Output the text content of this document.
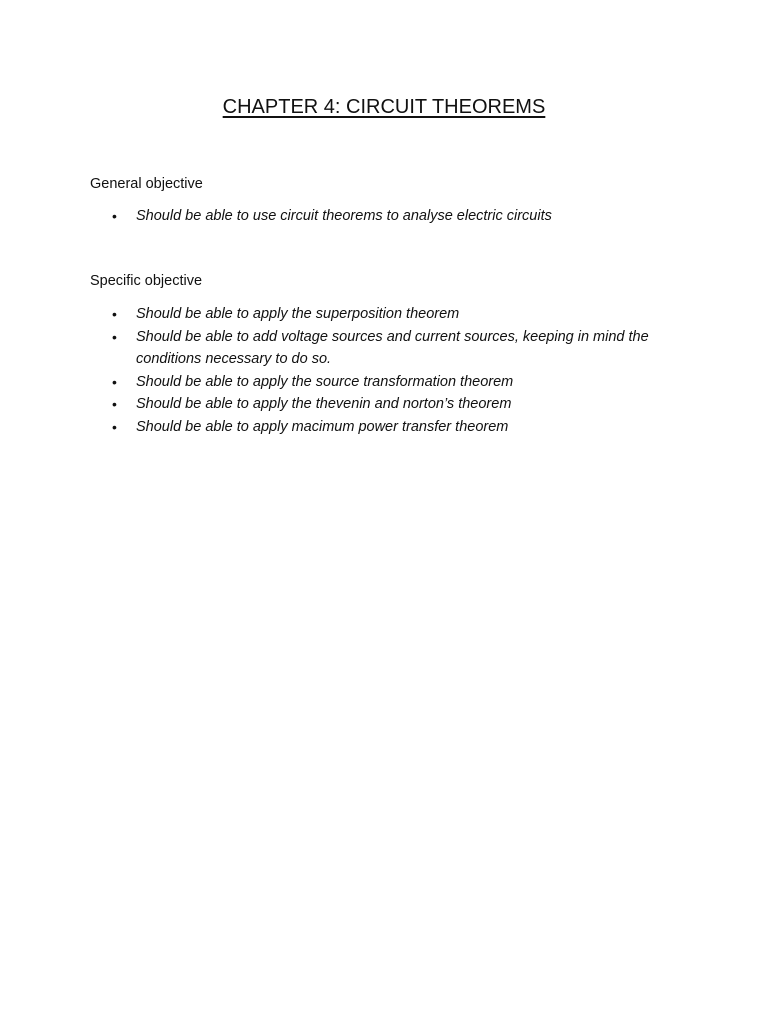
CHAPTER 4: CIRCUIT THEOREMS
General objective
• Should be able to use circuit theorems to analyse electric circuits
Specific objective
• Should be able to apply the superposition theorem
• Should be able to add voltage sources and current sources, keeping in mind the conditions necessary to do so.
• Should be able to apply the source transformation theorem
• Should be able to apply the thevenin and norton’s theorem
• Should be able to apply macimum power transfer theorem
